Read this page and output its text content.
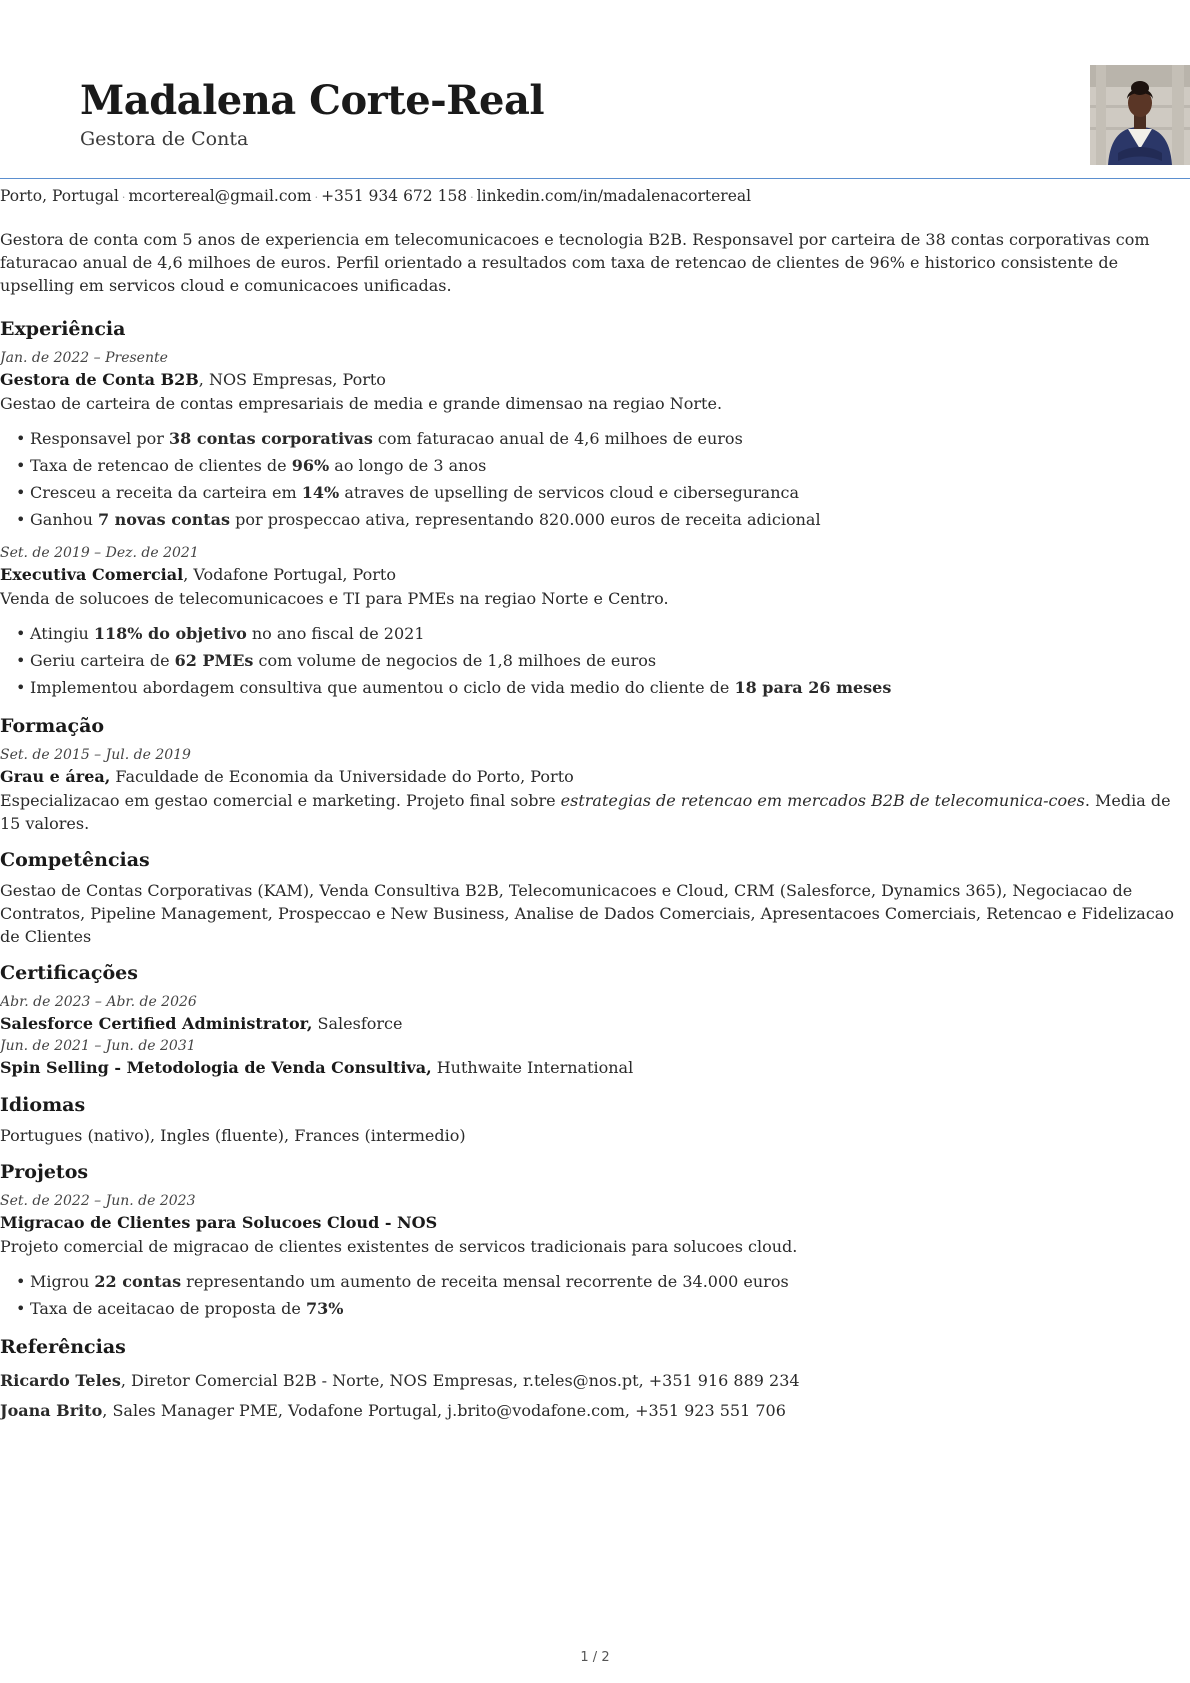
Madalena Corte-Real
Gestora de Conta
Porto, Portugal · mcortereal@gmail.com · +351 934 672 158 · linkedin.com/in/madalenacortereal
Gestora de conta com 5 anos de experiencia em telecomunicacoes e tecnologia B2B. Responsavel por carteira de 38 contas corporativas com faturacao anual de 4,6 milhoes de euros. Perfil orientado a resultados com taxa de retencao de clientes de 96% e historico consistente de upselling em servicos cloud e comunicacoes unificadas.
Experiência
Jan. de 2022 – Presente
Gestora de Conta B2B, NOS Empresas, Porto
Gestao de carteira de contas empresariais de media e grande dimensao na regiao Norte.
• Responsavel por 38 contas corporativas com faturacao anual de 4,6 milhoes de euros
• Taxa de retencao de clientes de 96% ao longo de 3 anos
• Cresceu a receita da carteira em 14% atraves de upselling de servicos cloud e ciberseguranca
• Ganhou 7 novas contas por prospeccao ativa, representando 820.000 euros de receita adicional
Set. de 2019 – Dez. de 2021
Executiva Comercial, Vodafone Portugal, Porto
Venda de solucoes de telecomunicacoes e TI para PMEs na regiao Norte e Centro.
• Atingiu 118% do objetivo no ano fiscal de 2021
• Geriu carteira de 62 PMEs com volume de negocios de 1,8 milhoes de euros
• Implementou abordagem consultiva que aumentou o ciclo de vida medio do cliente de 18 para 26 meses
Formação
Set. de 2015 – Jul. de 2019
Grau e área, Faculdade de Economia da Universidade do Porto, Porto
Especializacao em gestao comercial e marketing. Projeto final sobre estrategias de retencao em mercados B2B de telecomunica-coes. Media de 15 valores.
Competências
Gestao de Contas Corporativas (KAM), Venda Consultiva B2B, Telecomunicacoes e Cloud, CRM (Salesforce, Dynamics 365), Negociacao de Contratos, Pipeline Management, Prospeccao e New Business, Analise de Dados Comerciais, Apresentacoes Comerciais, Retencao e Fidelizacao de Clientes
Certificações
Abr. de 2023 – Abr. de 2026
Salesforce Certified Administrator, Salesforce
Jun. de 2021 – Jun. de 2031
Spin Selling - Metodologia de Venda Consultiva, Huthwaite International
Idiomas
Portugues (nativo), Ingles (fluente), Frances (intermedio)
Projetos
Set. de 2022 – Jun. de 2023
Migracao de Clientes para Solucoes Cloud - NOS
Projeto comercial de migracao de clientes existentes de servicos tradicionais para solucoes cloud.
• Migrou 22 contas representando um aumento de receita mensal recorrente de 34.000 euros
• Taxa de aceitacao de proposta de 73%
Referências
Ricardo Teles, Diretor Comercial B2B - Norte, NOS Empresas, r.teles@nos.pt, +351 916 889 234
Joana Brito, Sales Manager PME, Vodafone Portugal, j.brito@vodafone.com, +351 923 551 706
1 / 2
